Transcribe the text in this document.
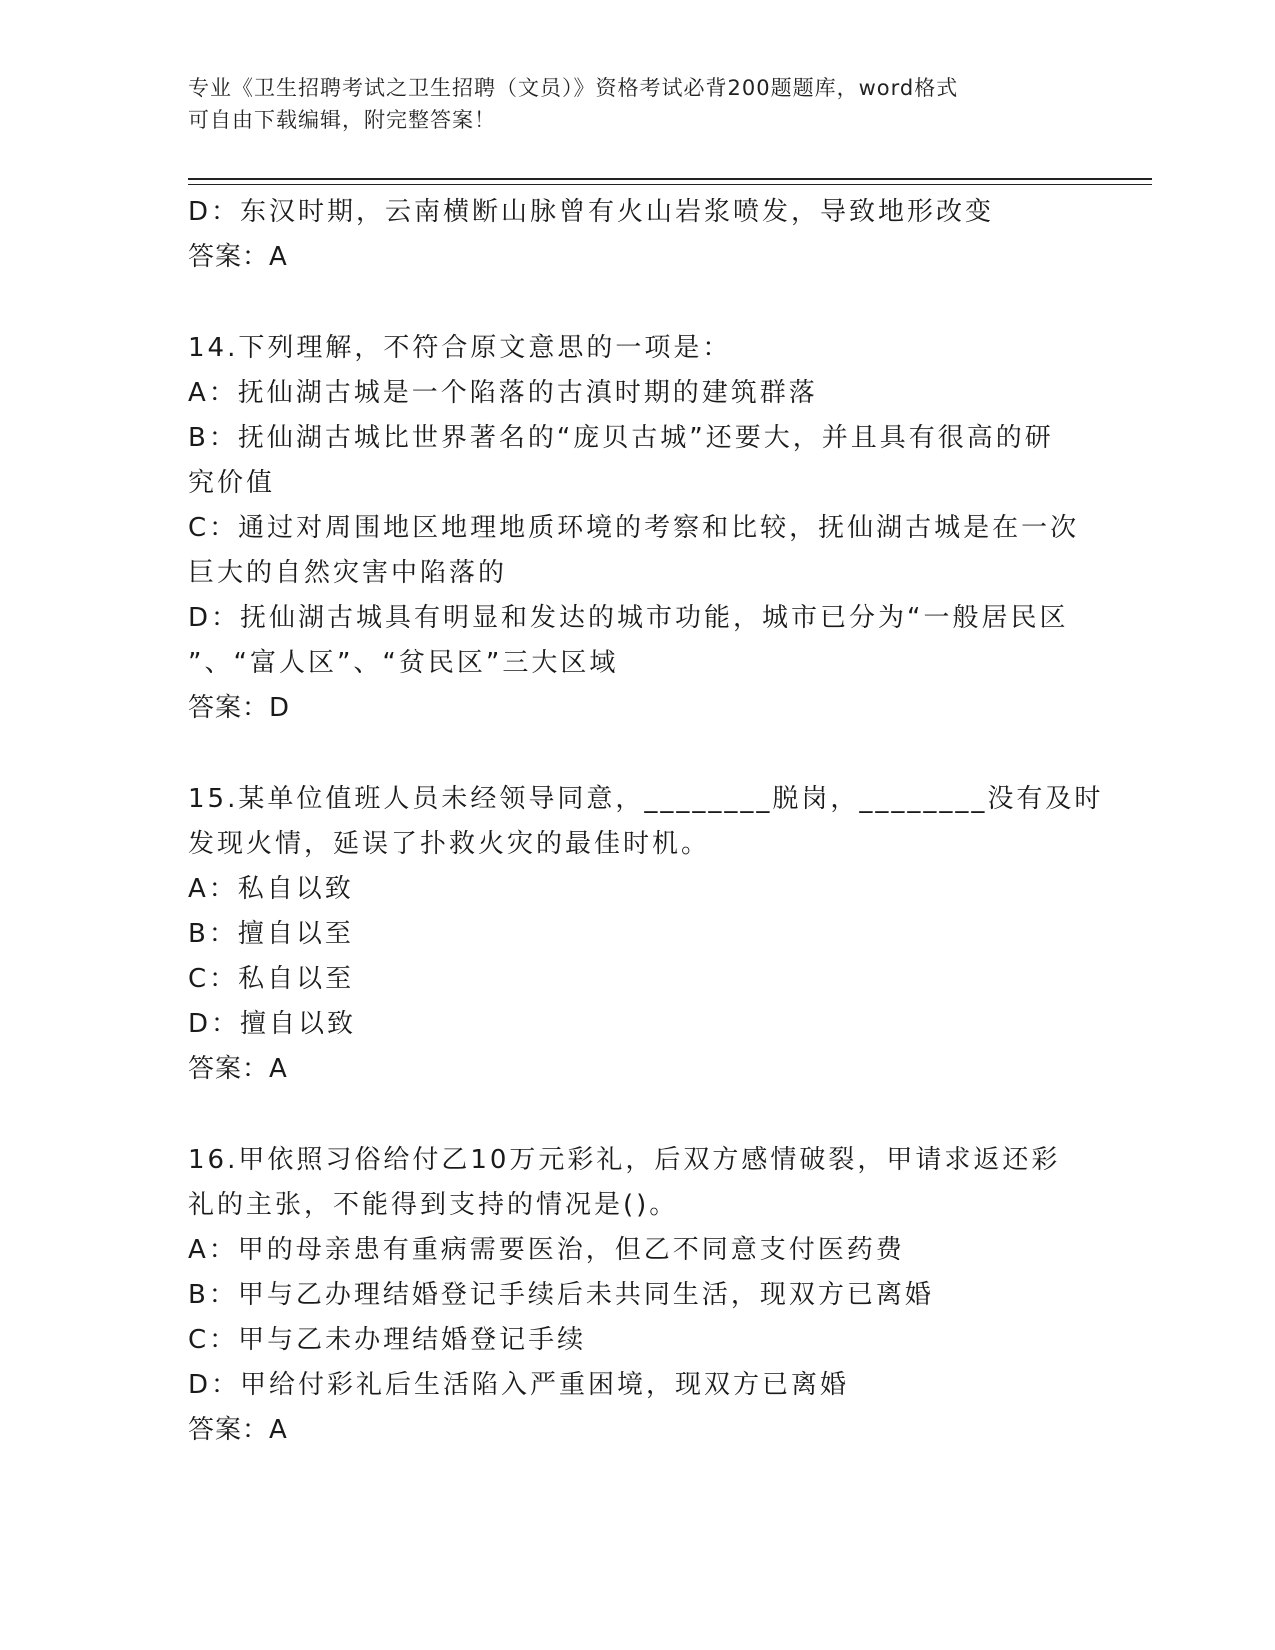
专业《卫生招聘考试之卫生招聘（文员）》资格考试必背200题题库，word格式
可自由下载编辑，附完整答案！
D：东汉时期，云南横断山脉曾有火山岩浆喷发，导致地形改变
答案：A
14.下列理解，不符合原文意思的一项是：
A：抚仙湖古城是一个陷落的古滇时期的建筑群落
B：抚仙湖古城比世界著名的“庞贝古城”还要大，并且具有很高的研
究价值
C：通过对周围地区地理地质环境的考察和比较，抚仙湖古城是在一次
巨大的自然灾害中陷落的
D：抚仙湖古城具有明显和发达的城市功能，城市已分为“一般居民区
”、“富人区”、“贫民区”三大区域
答案：D
15.某单位值班人员未经领导同意，________脱岗，________没有及时
发现火情，延误了扑救火灾的最佳时机。
A：私自以致
B：擅自以至
C：私自以至
D：擅自以致
答案：A
16.甲依照习俗给付乙10万元彩礼，后双方感情破裂，甲请求返还彩
礼的主张，不能得到支持的情况是()。
A：甲的母亲患有重病需要医治，但乙不同意支付医药费
B：甲与乙办理结婚登记手续后未共同生活，现双方已离婚
C：甲与乙未办理结婚登记手续
D：甲给付彩礼后生活陷入严重困境，现双方已离婚
答案：A
